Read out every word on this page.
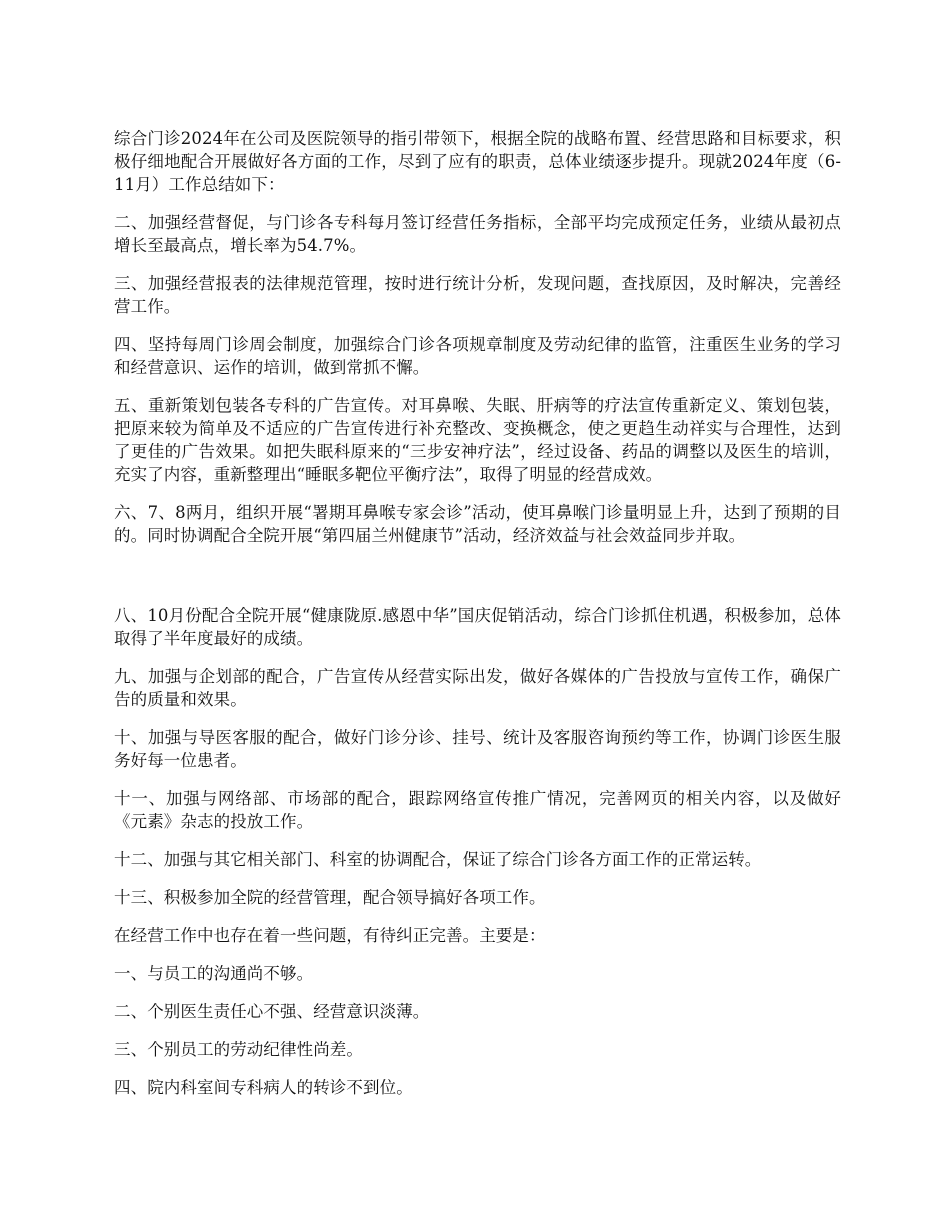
综合门诊2024年在公司及医院领导的指引带领下，根据全院的战略布置、经营思路和目标要求，积极仔细地配合开展做好各方面的工作，尽到了应有的职责，总体业绩逐步提升。现就2024年度（6-11月）工作总结如下：

二、加强经营督促，与门诊各专科每月签订经营任务指标，全部平均完成预定任务，业绩从最初点增长至最高点，增长率为54.7%。

三、加强经营报表的法律规范管理，按时进行统计分析，发现问题，查找原因，及时解决，完善经营工作。

四、坚持每周门诊周会制度，加强综合门诊各项规章制度及劳动纪律的监管，注重医生业务的学习和经营意识、运作的培训，做到常抓不懈。

五、重新策划包装各专科的广告宣传。对耳鼻喉、失眠、肝病等的疗法宣传重新定义、策划包装，把原来较为简单及不适应的广告宣传进行补充整改、变换概念，使之更趋生动祥实与合理性，达到了更佳的广告效果。如把失眠科原来的“三步安神疗法”，经过设备、药品的调整以及医生的培训，充实了内容，重新整理出“睡眠多靶位平衡疗法”，取得了明显的经营成效。

六、7、8两月，组织开展“署期耳鼻喉专家会诊”活动，使耳鼻喉门诊量明显上升，达到了预期的目的。同时协调配合全院开展“第四届兰州健康节”活动，经济效益与社会效益同步并取。

八、10月份配合全院开展“健康陇原.感恩中华”国庆促销活动，综合门诊抓住机遇，积极参加，总体取得了半年度最好的成绩。

九、加强与企划部的配合，广告宣传从经营实际出发，做好各媒体的广告投放与宣传工作，确保广告的质量和效果。

十、加强与导医客服的配合，做好门诊分诊、挂号、统计及客服咨询预约等工作，协调门诊医生服务好每一位患者。

十一、加强与网络部、市场部的配合，跟踪网络宣传推广情况，完善网页的相关内容，以及做好《元素》杂志的投放工作。

十二、加强与其它相关部门、科室的协调配合，保证了综合门诊各方面工作的正常运转。

十三、积极参加全院的经营管理，配合领导搞好各项工作。

在经营工作中也存在着一些问题，有待纠正完善。主要是：

一、与员工的沟通尚不够。

二、个别医生责任心不强、经营意识淡薄。

三、个别员工的劳动纪律性尚差。

四、院内科室间专科病人的转诊不到位。
